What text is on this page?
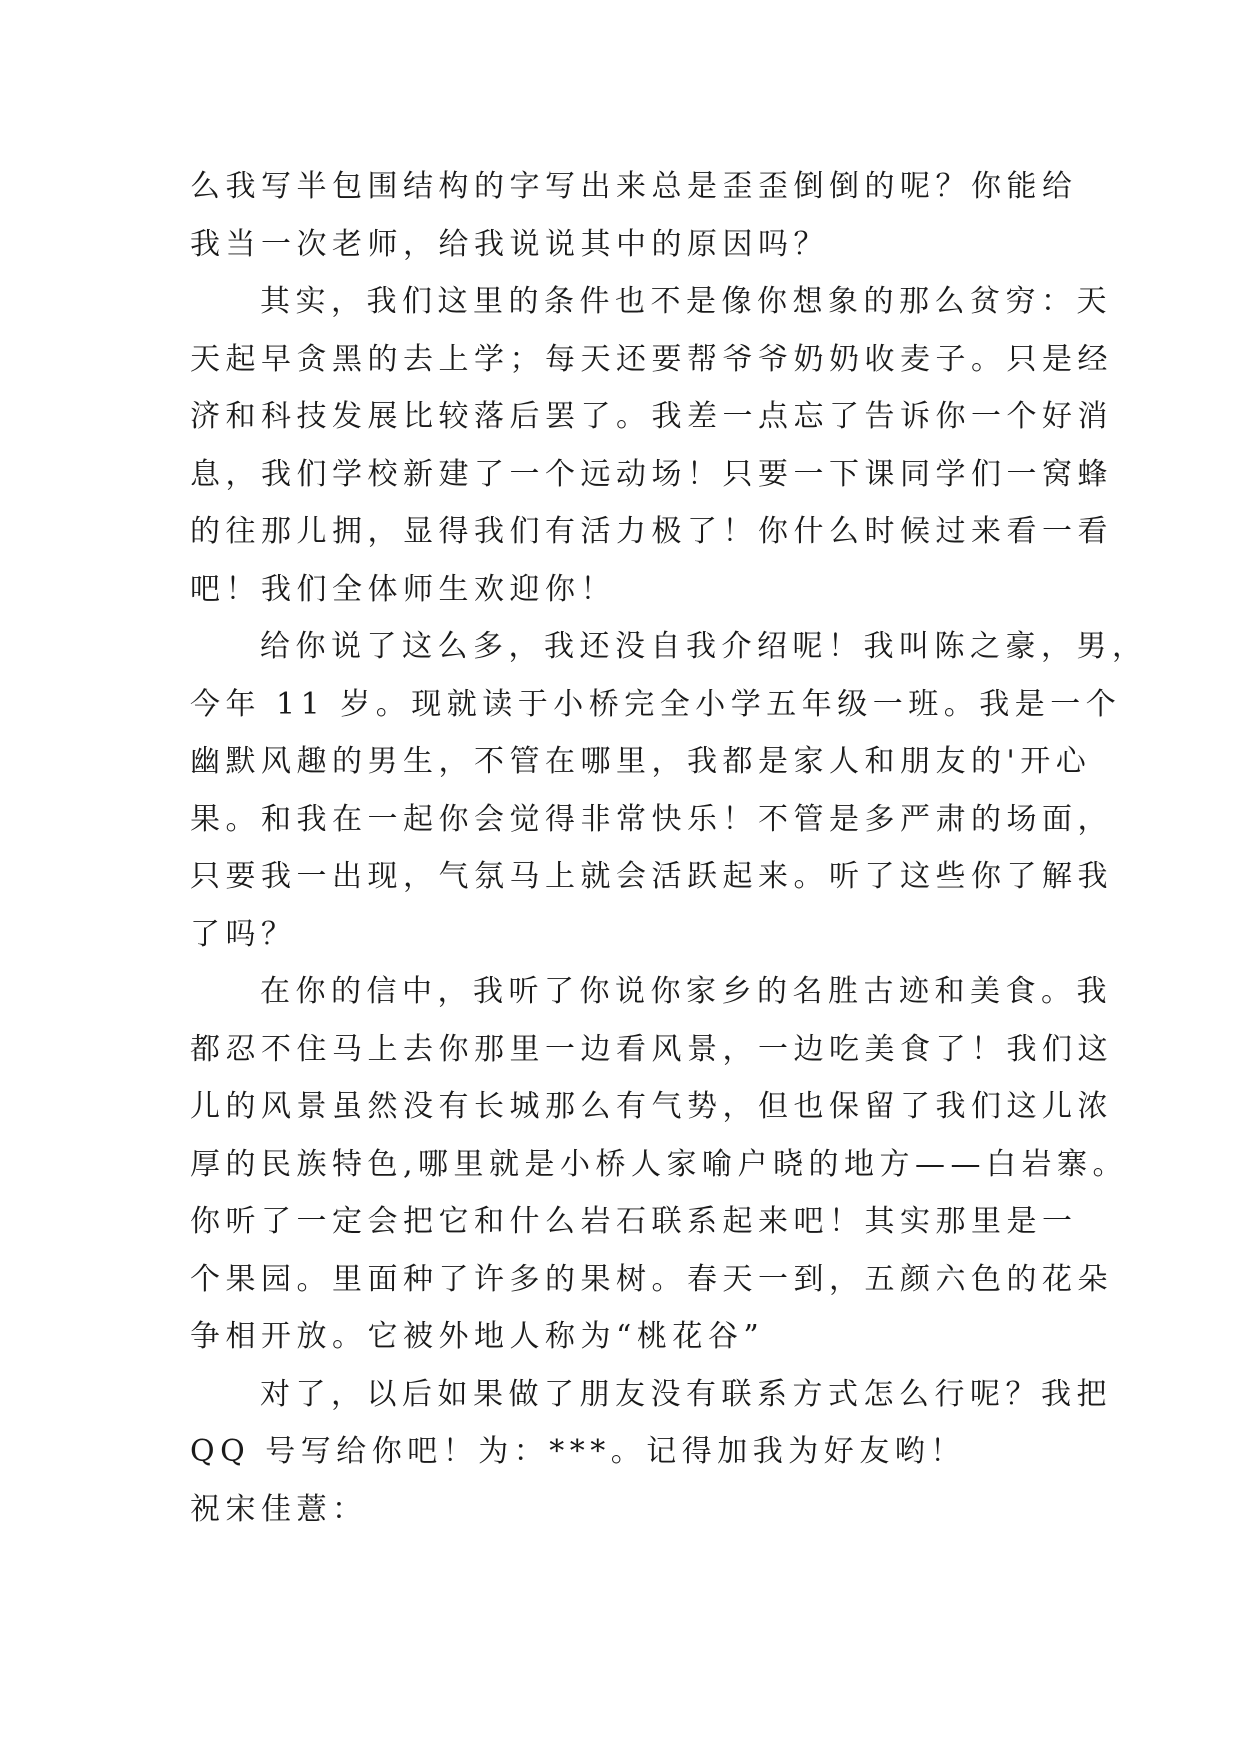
么我写半包围结构的字写出来总是歪歪倒倒的呢？你能给
我当一次老师，给我说说其中的原因吗？
其实，我们这里的条件也不是像你想象的那么贫穷：天
天起早贪黑的去上学；每天还要帮爷爷奶奶收麦子。只是经
济和科技发展比较落后罢了。我差一点忘了告诉你一个好消
息，我们学校新建了一个远动场！只要一下课同学们一窝蜂
的往那儿拥，显得我们有活力极了！你什么时候过来看一看
吧！我们全体师生欢迎你！
给你说了这么多，我还没自我介绍呢！我叫陈之豪，男，
今年 11 岁。现就读于小桥完全小学五年级一班。我是一个
幽默风趣的男生，不管在哪里，我都是家人和朋友的'开心
果。和我在一起你会觉得非常快乐！不管是多严肃的场面，
只要我一出现，气氛马上就会活跃起来。听了这些你了解我
了吗？
在你的信中，我听了你说你家乡的名胜古迹和美食。我
都忍不住马上去你那里一边看风景，一边吃美食了！我们这
儿的风景虽然没有长城那么有气势，但也保留了我们这儿浓
厚的民族特色,哪里就是小桥人家喻户晓的地方——白岩寨。
你听了一定会把它和什么岩石联系起来吧！其实那里是一
个果园。里面种了许多的果树。春天一到，五颜六色的花朵
争相开放。它被外地人称为“桃花谷”
对了，以后如果做了朋友没有联系方式怎么行呢？我把
QQ 号写给你吧！为：***。记得加我为好友哟！
祝宋佳薏：
